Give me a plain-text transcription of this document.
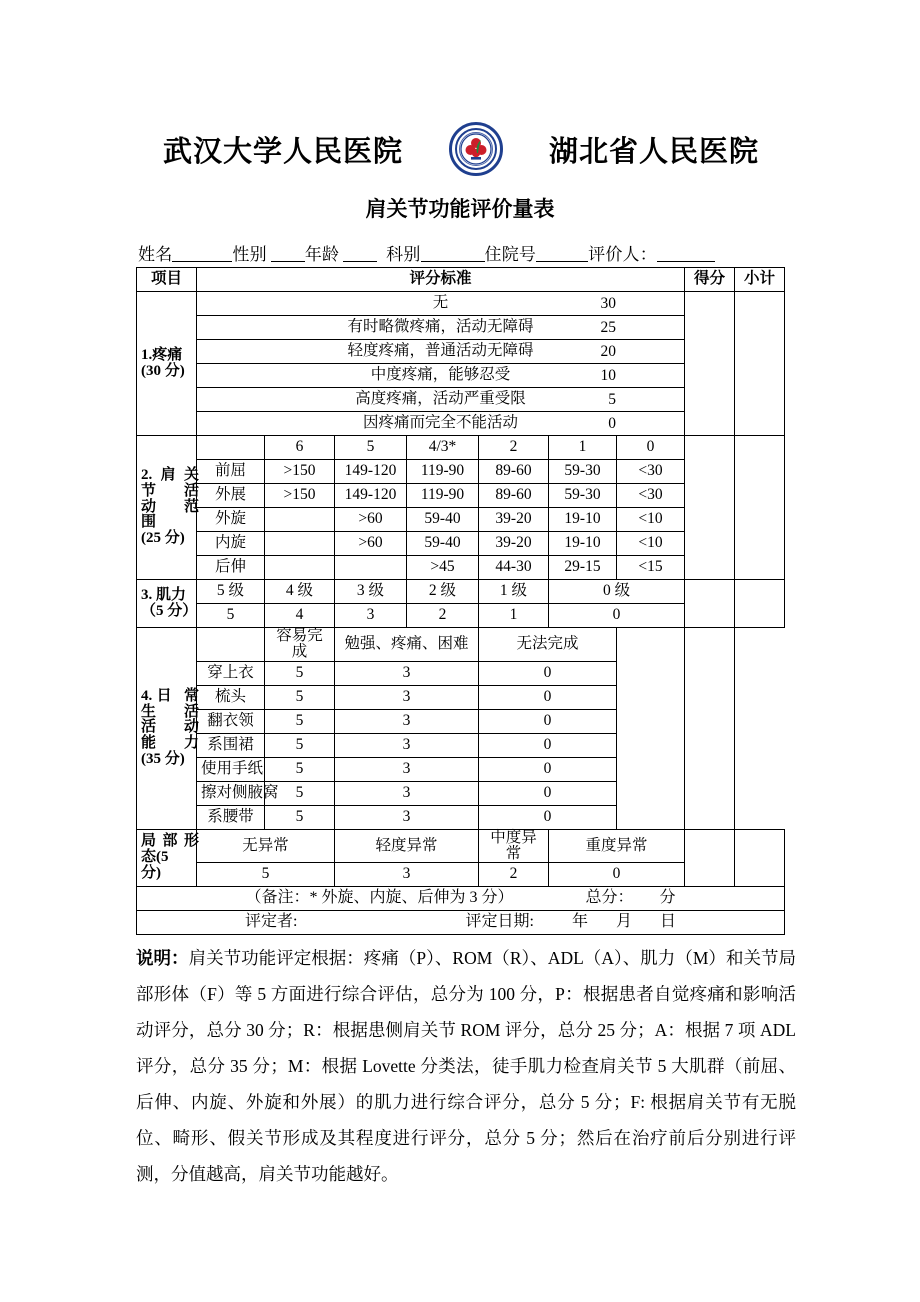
武汉大学人民医院	湖北省人民医院
肩关节功能评价量表
姓名	性别 年龄	科别	住院号	评价人：
项目	评分标准							得分	小计

1.疼痛
(30 分)	无 30								

	有时略微疼痛，活动无障碍 25								

	轻度疼痛，普通活动无障碍 20								

	中度疼痛，能够忍受 10								

	高度疼痛，活动严重受限 5								

	因疼痛而完全不能活动 0								

2.肩关
节 活
动 范
围
(25 分)		6	5	4/3*	2	1	0		
	前屈	>150	149-120	119-90	89-60	59-30	<30		
	外展	>150	149-120	119-90	89-60	59-30	<30		
	外旋		>60	59-40	39-20	19-10	<10		
	内旋		>60	59-40	39-20	19-10	<10		
	后伸			>45	44-30	29-15	<15		

3. 肌力
（5 分）	5 级	4 级	3 级	2 级	1 级	0 级			
	5	4	3	2	1	0			

4.日 常
生 活
活 动
能 力
(35 分)		容易完成	勉强、疼痛、困难		无法完成				
	穿上衣	5	3		0				
	梳头	5	3		0				
	翻衣领	5	3		0				
	系围裙	5	3		0				
	使用手纸	5	3		0				
	擦对侧腋窝	5	3		0				
	系腰带	5	3		0				

局 部 形
态(5 分)	无异常		轻度异常		中度异常	重度异常			
	5		3		2	0			
（备注：* 外旋、内旋、后伸为 3 分） 总分： 分									
评定者: 评定日期: 年 月 日									
说明：肩关节功能评定根据：疼痛（P）、ROM（R）、ADL（A）、肌力（M）和关节局部形体（F）等 5 方面进行综合评估，总分为 100 分，P：根据患者自觉疼痛和影响活动评分，总分 30 分；R：根据患侧肩关节 ROM 评分，总分 25 分；A：根据 7 项 ADL 评分，总分 35 分；M：根据 Lovette 分类法，徒手肌力检查肩关节 5 大肌群（前屈、后伸、内旋、外旋和外展）的肌力进行综合评分，总分 5 分；F: 根据肩关节有无脱位、畸形、假关节形成及其程度进行评分，总分 5 分；然后在治疗前后分别进行评测，分值越高，肩关节功能越好。
